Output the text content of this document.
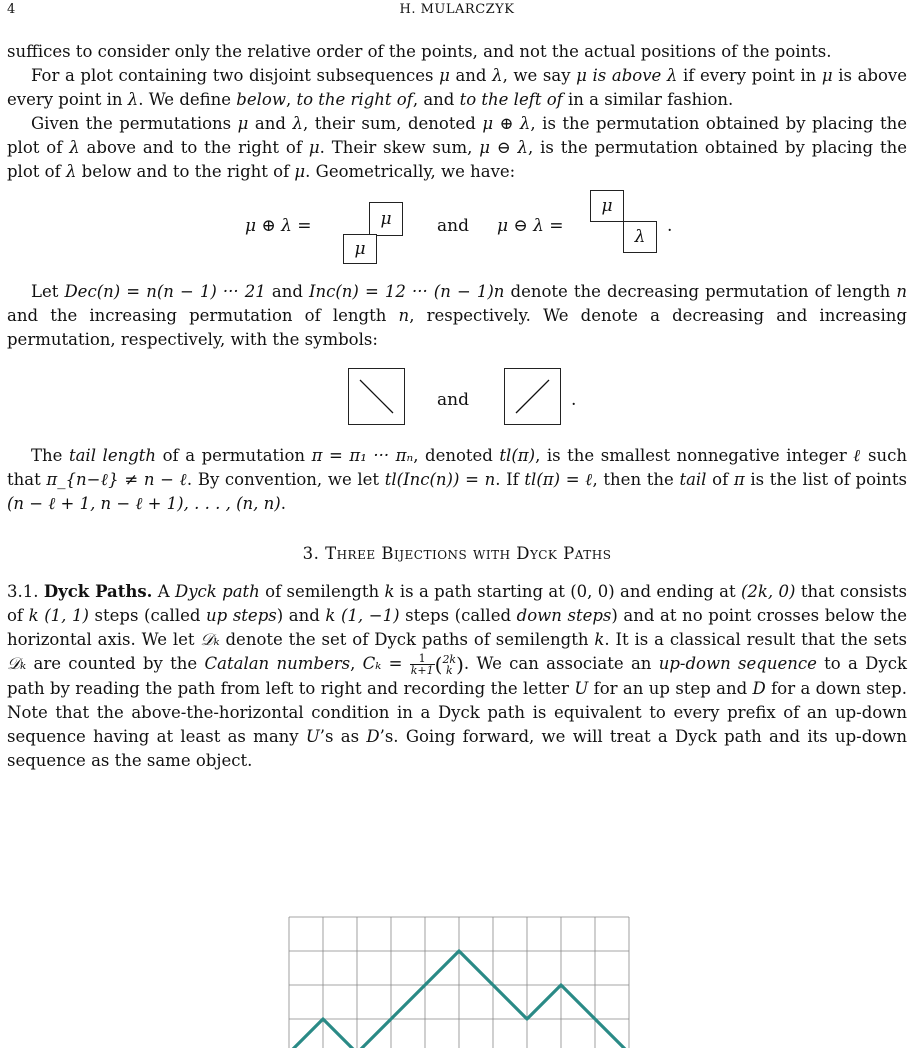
4	H. MULARCZYK

suffices to consider only the relative order of the points, and not the actual positions of the points.

For a plot containing two disjoint subsequences μ and λ, we say μ is above λ if every point in μ is above every point in λ. We define below, to the right of, and to the left of in a similar fashion.

Given the permutations μ and λ, their sum, denoted μ ⊕ λ, is the permutation obtained by placing the plot of λ above and to the right of μ. Their skew sum, μ ⊖ λ, is the permutation obtained by placing the plot of λ below and to the right of μ. Geometrically, we have:

μ ⊕ λ =	μ
μ
and μ ⊖ λ =
μ
λ
.

Let Dec(n) = n(n − 1) ··· 21 and Inc(n) = 12 ··· (n − 1)n denote the decreasing permutation of length n and the increasing permutation of length n, respectively. We denote a decreasing and increasing permutation, respectively, with the symbols:

and	.

The tail length of a permutation π = π₁ ··· πₙ, denoted tl(π), is the smallest nonnegative integer ℓ such that π_{n−ℓ} ≠ n − ℓ. By convention, we let tl(Inc(n)) = n. If tl(π) = ℓ, then the tail of π is the list of points (n − ℓ + 1, n − ℓ + 1), . . . , (n, n).

3. Three Bijections with Dyck Paths

3.1. Dyck Paths. A Dyck path of semilength k is a path starting at (0, 0) and ending at (2k, 0) that consists of k (1, 1) steps (called up steps) and k (1, −1) steps (called down steps) and at no point crosses below the horizontal axis. We let 𝒟ₖ denote the set of Dyck paths of semilength k. It is a classical result that the sets 𝒟ₖ are counted by the Catalan numbers, $C_k = \frac{1}{k+1}$ ( 2k
k ). We can associate an up-down sequence to a Dyck path by reading the path from left to right and recording the letter U for an up step and D for a down step. Note that the above-the-horizontal condition in a Dyck path is equivalent to every prefix of an up-down sequence having at least as many U’s as D’s. Going forward, we will treat a Dyck path and its up-down sequence as the same object.
